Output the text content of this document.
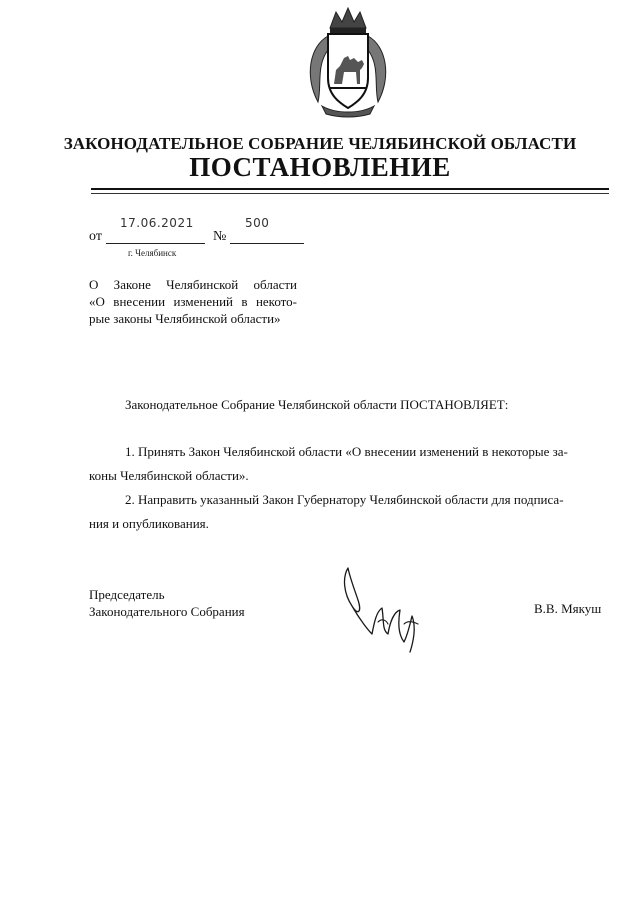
ЗАКОНОДАТЕЛЬНОЕ СОБРАНИЕ ЧЕЛЯБИНСКОЙ ОБЛАСТИ
ПОСТАНОВЛЕНИЕ
от
17.06.2021
№
500
г. Челябинск
О Законе Челябинской области
«О внесении изменений в некото-
рые законы Челябинской области»
Законодательное Собрание Челябинской области ПОСТАНОВЛЯЕТ:
1. Принять Закон Челябинской области «О внесении изменений в некоторые за-
коны Челябинской области».
2. Направить указанный Закон Губернатору Челябинской области для подписа-
ния и опубликования.
Председатель
Законодательного Собрания	В.В. Мякуш
